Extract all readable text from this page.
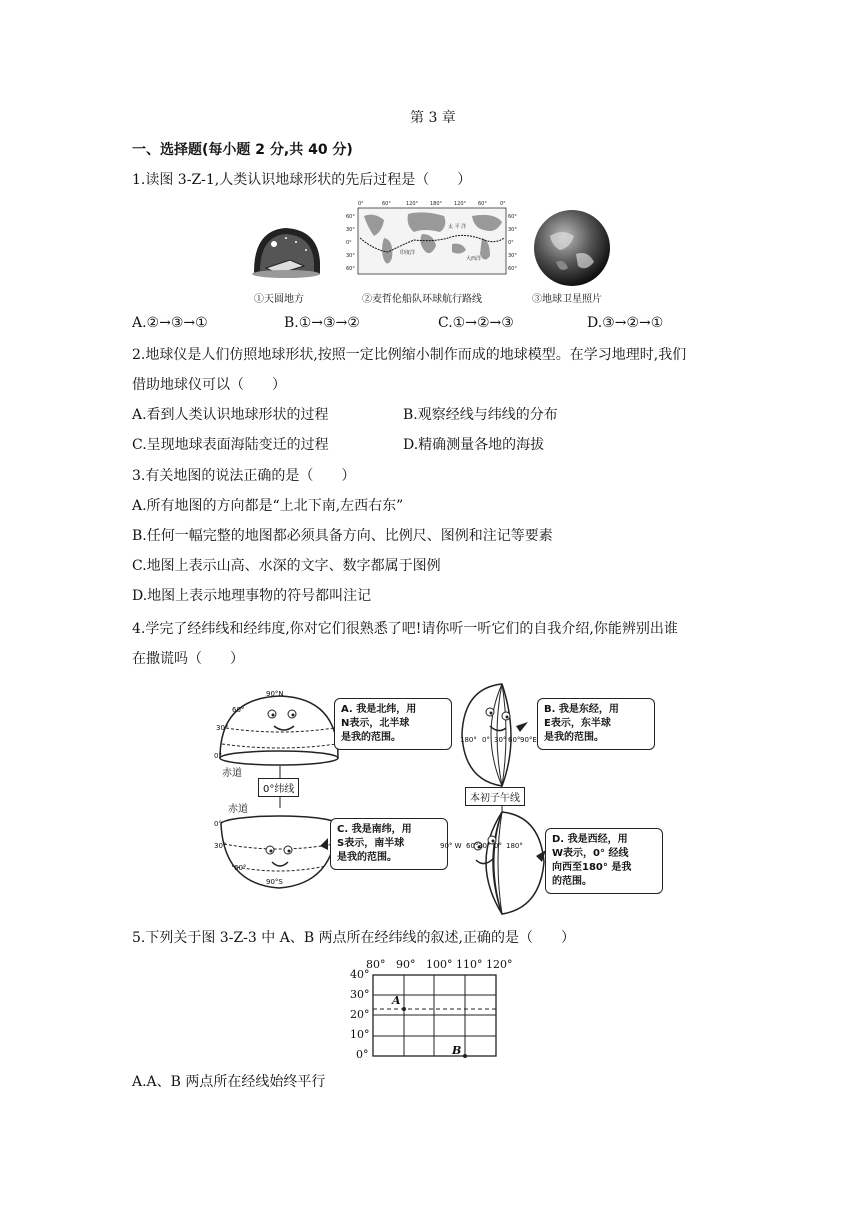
第 3 章
一、选择题(每小题 2 分,共 40 分)
1.读图 3-Z-1,人类认识地球形状的先后过程是（　　）
①天圆地方
0°	60°	120° 180° 120° 60°	0°
60°
30°
0°
30°
60°
60°
30°
0°
30°
60°
太 平 洋
印度洋
大西洋
②麦哲伦船队环球航行路线	③地球卫星照片
A.②→③→①	B.①→③→②	C.①→②→③	D.③→②→①
2.地球仪是人们仿照地球形状,按照一定比例缩小制作而成的地球模型。在学习地理时,我们
借助地球仪可以（　　）
A.看到人类认识地球形状的过程	B.观察经线与纬线的分布
C.呈现地球表面海陆变迁的过程	D.精确测量各地的海拔
3.有关地图的说法正确的是（　　）
A.所有地图的方向都是“上北下南,左西右东”
B.任何一幅完整的地图都必须具备方向、比例尺、图例和注记等要素
C.地图上表示山高、水深的文字、数字都属于图例
D.地图上表示地理事物的符号都叫注记
4.学完了经纬线和经纬度,你对它们很熟悉了吧!请你听一听它们的自我介绍,你能辨别出谁
在撒谎吗（　　）
90°N
60°
30°
0°
赤道
0°纬线
赤道
0°
30°
60°
90°S
A. 我是北纬，用
N表示，北半球
是我的范围。
B. 我是东经，用
E表示，东半球
是我的范围。
C. 我是南纬，用
S表示，南半球
是我的范围。
D. 我是西经，用
W表示，0° 经线
向西至180° 是我
的范围。
180° 0° 30° 60° 90°E
本初子午线
90° W 60° 30° 0° 180°
5.下列关于图 3-Z-3 中 A、B 两点所在经纬线的叙述,正确的是（　　）
80° 90° 100° 110° 120°
40°
30°
20°
10°
0°
A
B
A.A、B 两点所在经线始终平行
